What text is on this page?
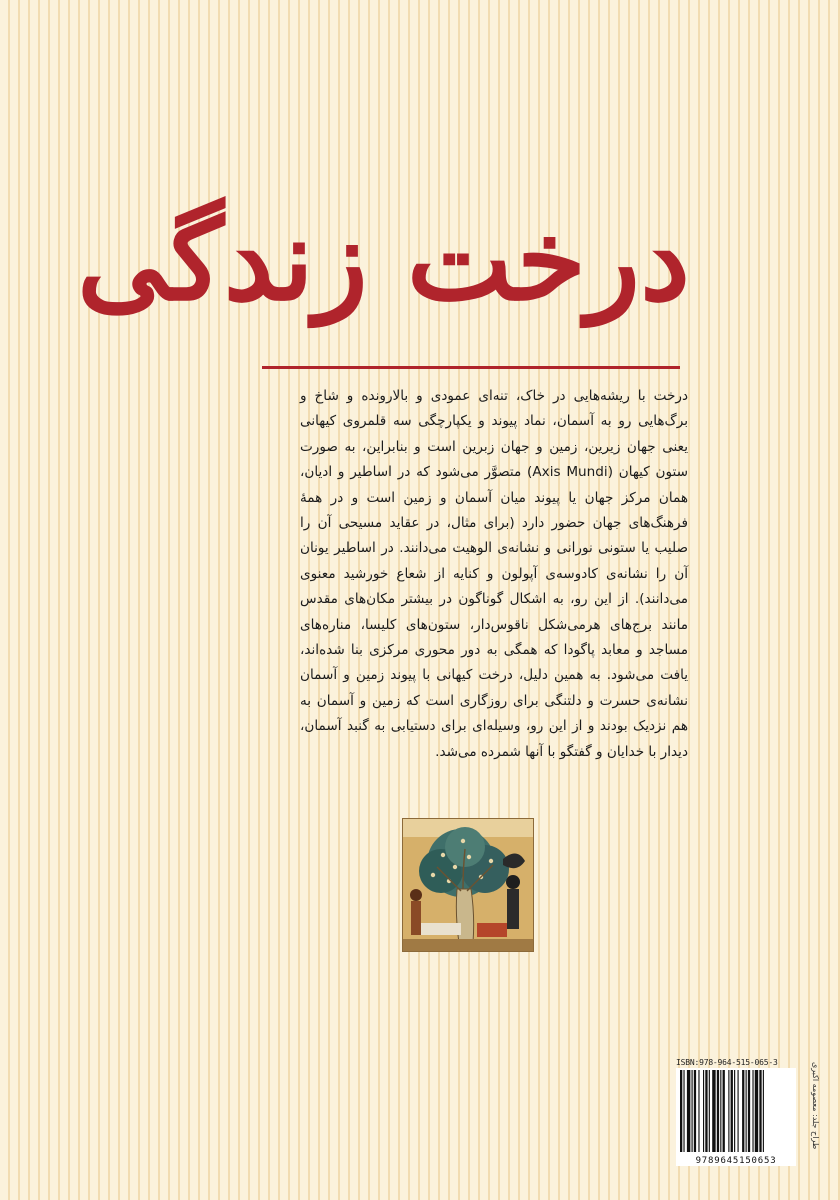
درخت زندگی
درخت با ریشه‌هایی در خاک، تنه‌ای عمودی و بالارونده و شاخ و برگ‌هایی رو به آسمان، نماد پیوند و یکپارچگی سه قلمروی کیهانی یعنی جهان زیرین، زمین و جهان زبرین است و بنابراین، به صورت ستون کیهان (Axis Mundi) متصوَّر می‌شود که در اساطیر و ادیان، همان مرکز جهان یا پیوند میان آسمان و زمین است و در همهٔ فرهنگ‌های جهان حضور دارد (برای مثال، در عقاید مسیحی آن را صلیب یا ستونی نورانی و نشانه‌ی الوهیت می‌دانند. در اساطیر یونان آن را نشانه‌ی کادوسه‌ی آپولون و کنایه از شعاع خورشید معنوی می‌دانند). از این رو، به اشکال گوناگون در بیشتر مکان‌های مقدس مانند برج‌های هرمی‌شکل ناقوس‌دار، ستون‌های کلیسا، مناره‌های مساجد و معابد پاگودا که همگی به دور محوری مرکزی بنا شده‌اند، یافت می‌شود. به همین دلیل، درخت کیهانی با پیوند زمین و آسمان نشانه‌ی حسرت و دلتنگی برای روزگاری است که زمین و آسمان به هم نزدیک بودند و از این رو، وسیله‌ای برای دستیابی به گنبد آسمان، دیدار با خدایان و گفتگو با آنها شمرده می‌شد.
ISBN:978-964-515-065-3
9789645150653
طراح جلد: معصومه اکبری
